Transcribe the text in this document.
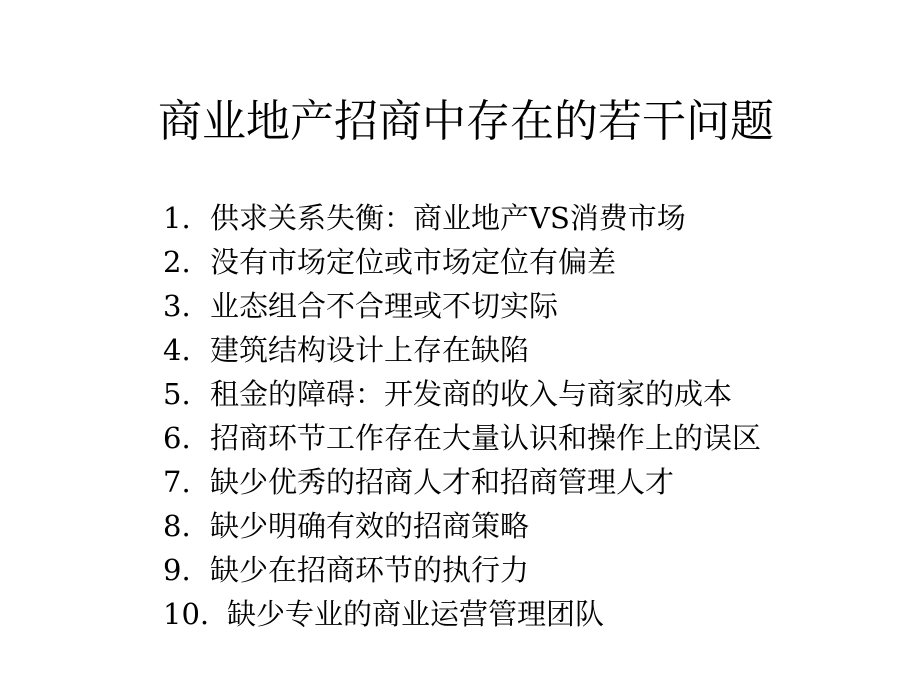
商业地产招商中存在的若干问题
1. 供求关系失衡：商业地产VS消费市场
2. 没有市场定位或市场定位有偏差
3. 业态组合不合理或不切实际
4. 建筑结构设计上存在缺陷
5. 租金的障碍：开发商的收入与商家的成本
6. 招商环节工作存在大量认识和操作上的误区
7. 缺少优秀的招商人才和招商管理人才
8. 缺少明确有效的招商策略
9. 缺少在招商环节的执行力
10. 缺少专业的商业运营管理团队
